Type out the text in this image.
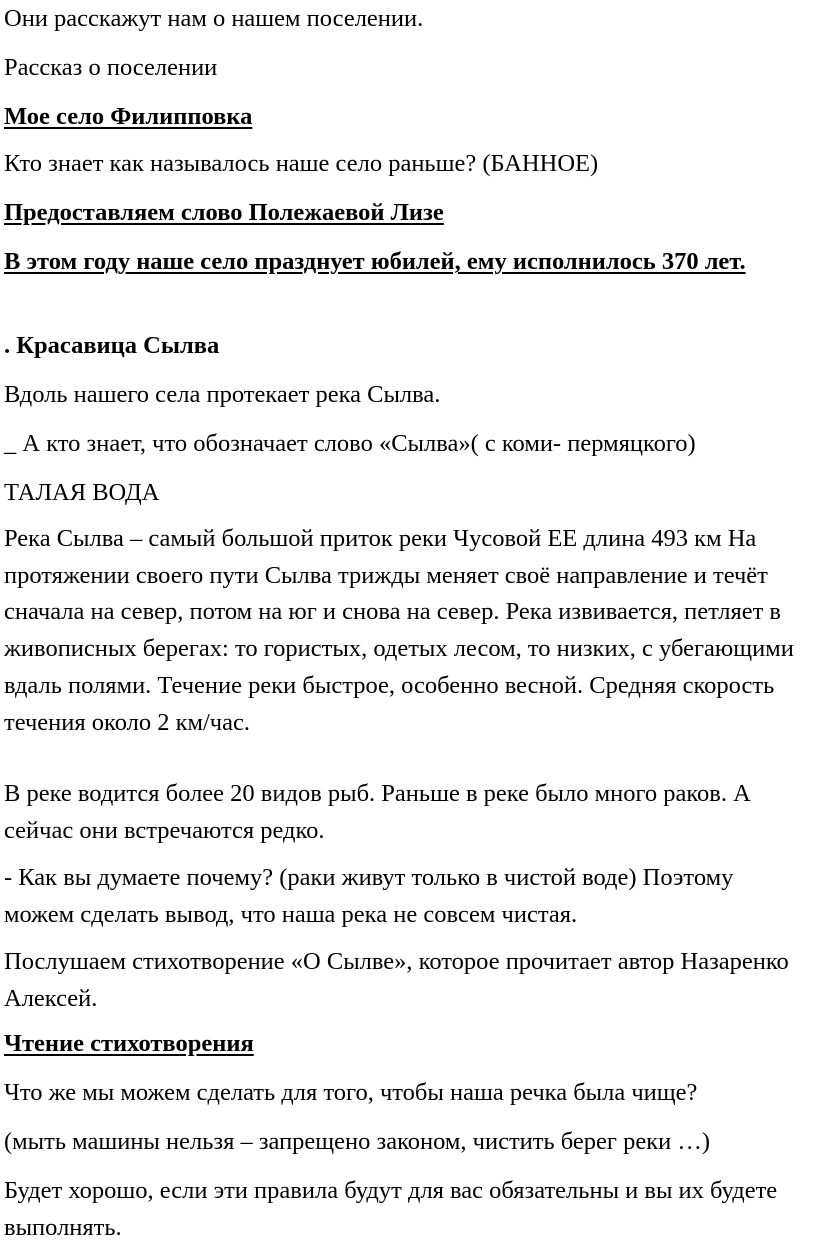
Они расскажут нам о нашем поселении.

Рассказ о поселении

Мое село Филипповка

Кто знает как называлось наше село раньше? (БАННОЕ)

Предоставляем слово Полежаевой Лизе

В этом году наше село празднует юбилей, ему исполнилось 370 лет.

. Красавица Сылва

Вдоль нашего села протекает река Сылва.

_ А кто знает, что обозначает слово «Сылва»( с коми- пермяцкого)

ТАЛАЯ ВОДА

Река Сылва – самый большой приток реки Чусовой ЕЕ длина 493 км На протяжении своего пути Сылва трижды меняет своё направление и течёт сначала на север, потом на юг и снова на север. Река извивается, петляет в живописных берегах: то гористых, одетых лесом, то низких, с убегающими вдаль полями. Течение реки быстрое, особенно весной. Средняя скорость течения около 2 км/час.

В реке водится более 20 видов рыб. Раньше в реке было много раков. А сейчас они встречаются редко.

- Как вы думаете почему? (раки живут только в чистой воде) Поэтому можем сделать вывод, что наша река не совсем чистая.

Послушаем стихотворение «О Сылве», которое прочитает автор Назаренко Алексей.

Чтение стихотворения

Что же мы можем сделать для того, чтобы наша речка была чище?

(мыть машины нельзя – запрещено законом, чистить берег реки …)

Будет хорошо, если эти правила будут для вас обязательны и вы их будете выполнять.
